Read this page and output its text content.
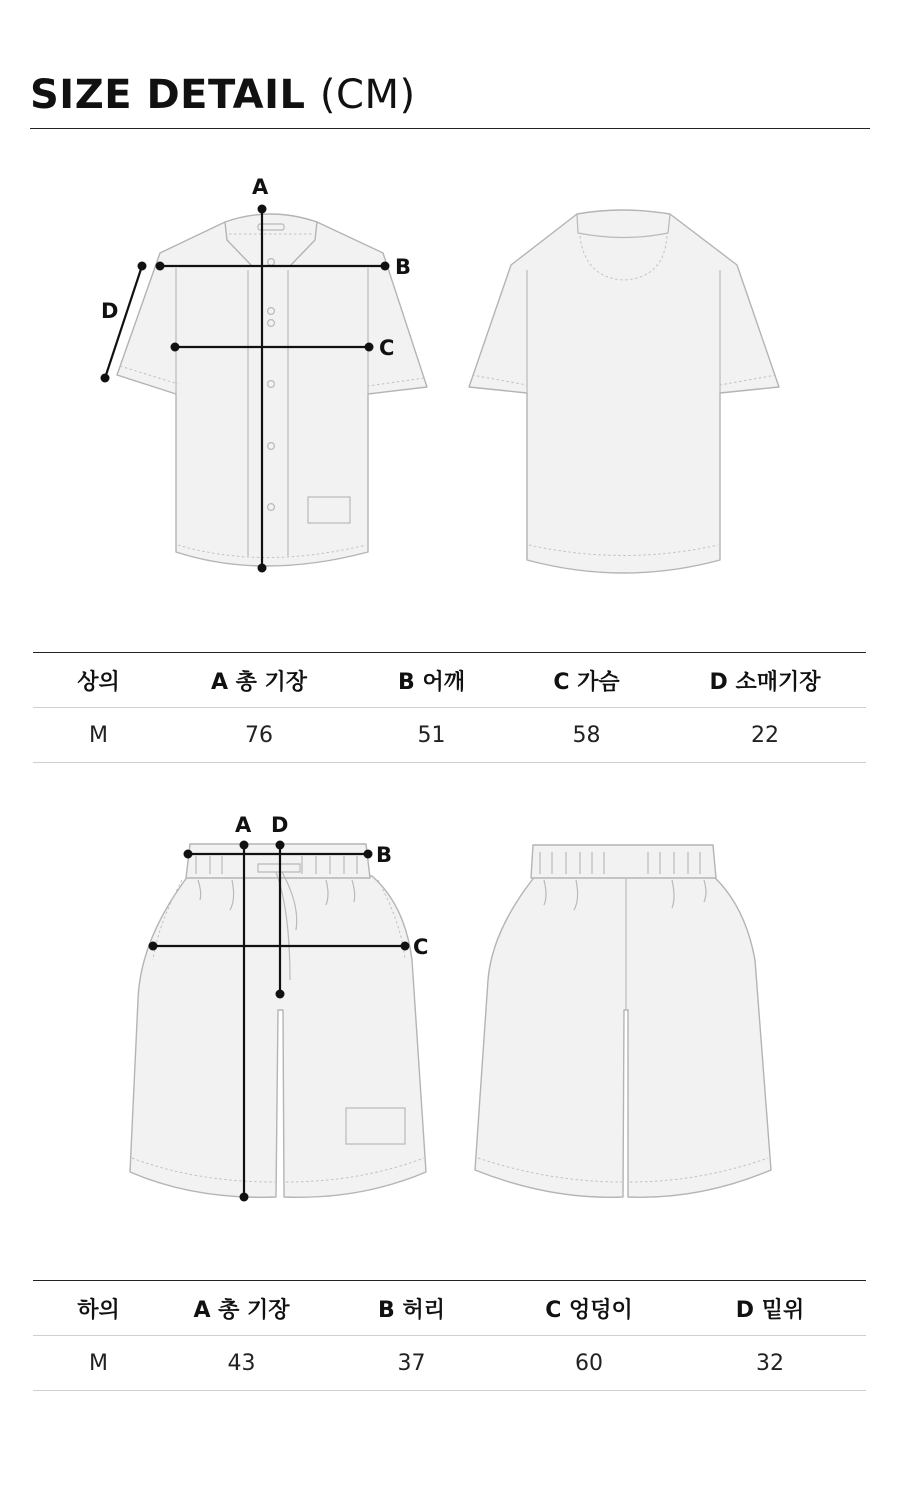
SIZE DETAIL (CM)
A
B
C
D
상의	A 총 기장	B 어깨	C 가슴	D 소매기장
M	76	51	58	22
A D
B
C
하의	A 총 기장	B 허리	C 엉덩이	D 밑위
M	43	37	60	32
